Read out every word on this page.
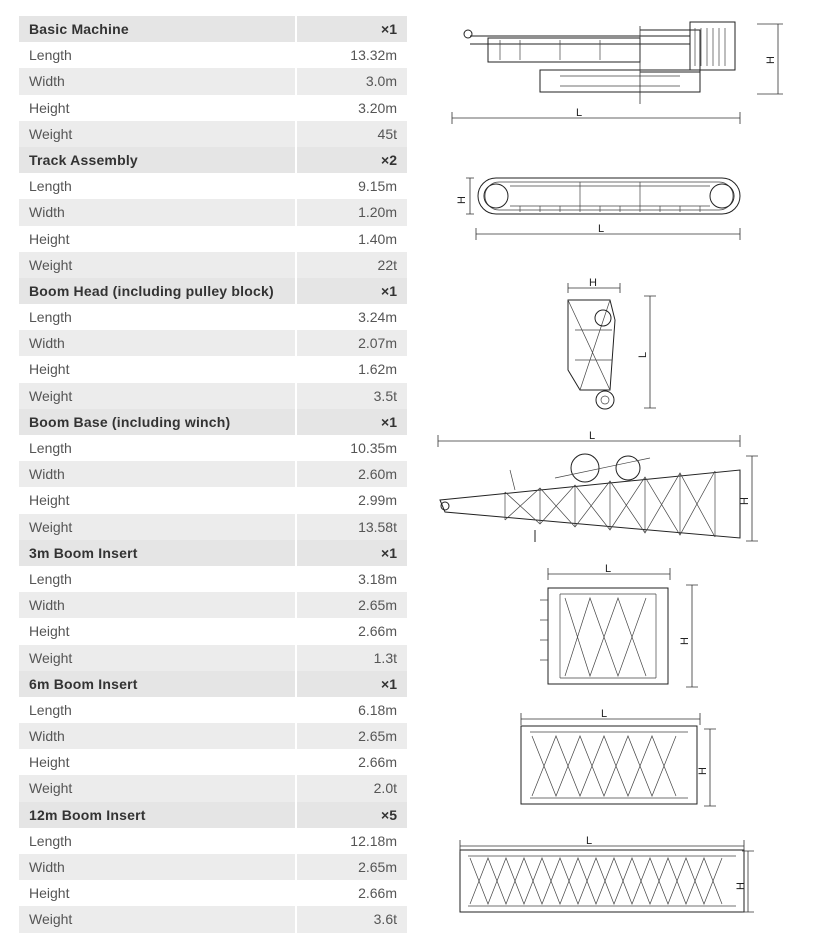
Basic Machine	×1
Length	13.32m
Width	3.0m
Height	3.20m
Weight	45t
Track Assembly	×2
Length	9.15m
Width	1.20m
Height	1.40m
Weight	22t
Boom Head (including pulley block)	×1
Length	3.24m
Width	2.07m
Height	1.62m
Weight	3.5t
Boom Base (including winch)	×1
Length	10.35m
Width	2.60m
Height	2.99m
Weight	13.58t
3m Boom Insert	×1
Length	3.18m
Width	2.65m
Height	2.66m
Weight	1.3t
6m Boom Insert	×1
Length	6.18m
Width	2.65m
Height	2.66m
Weight	2.0t
12m Boom Insert	×5
Length	12.18m
Width	2.65m
Height	2.66m
Weight	3.6t
L
H
L
H
H
L
L
H
L
H
L
H
L
H
